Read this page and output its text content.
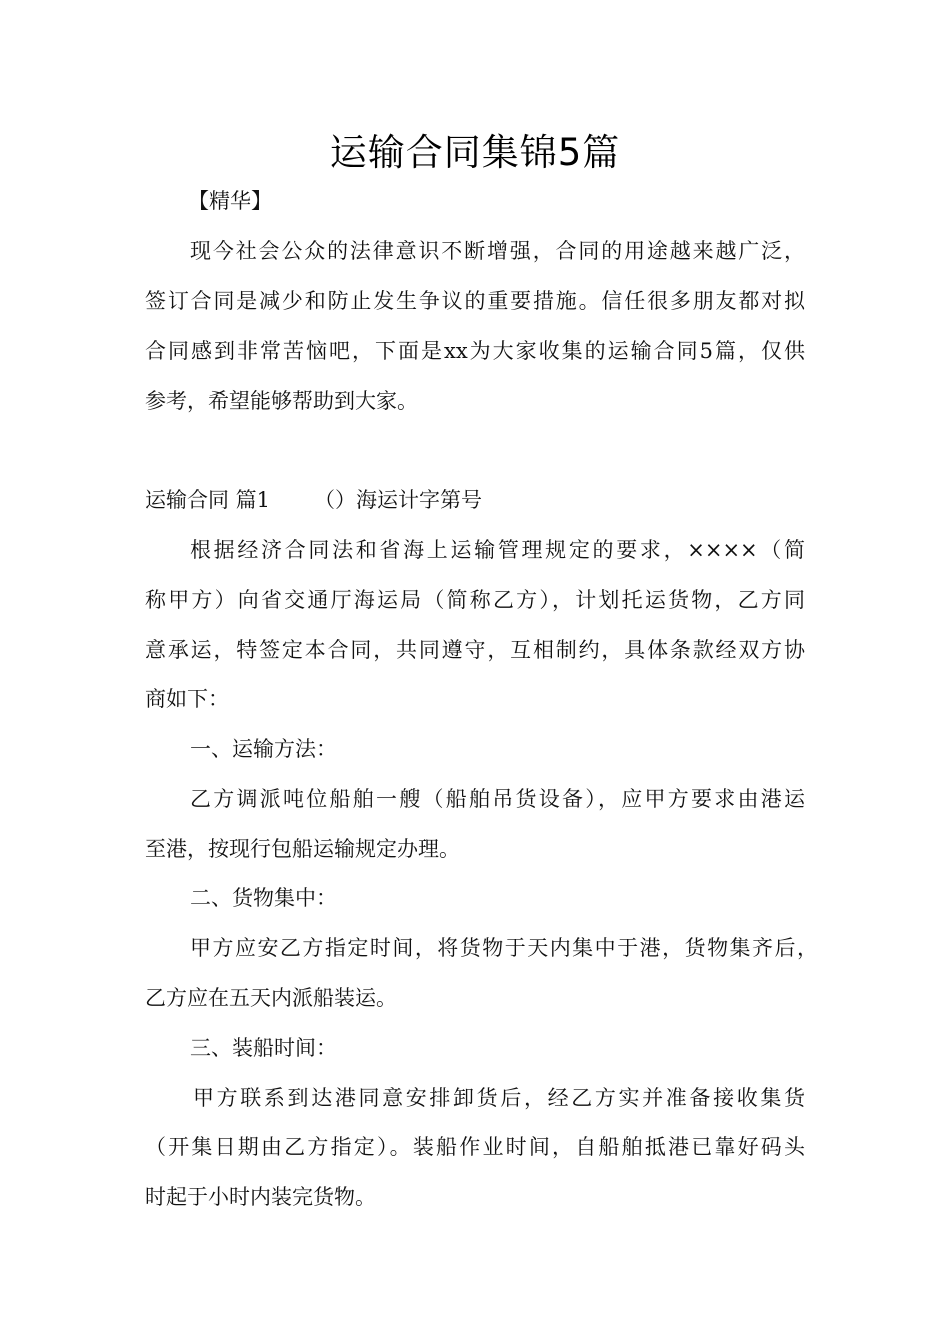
运输合同集锦5篇
【精华】
现今社会公众的法律意识不断增强，合同的用途越来越广泛，
签订合同是减少和防止发生争议的重要措施。信任很多朋友都对拟
合同感到非常苦恼吧，下面是xx为大家收集的运输合同5篇，仅供
参考，希望能够帮助到大家。
运输合同 篇1 （）海运计字第号
根据经济合同法和省海上运输管理规定的要求，××××（简
称甲方）向省交通厅海运局（简称乙方），计划托运货物，乙方同
意承运，特签定本合同，共同遵守，互相制约，具体条款经双方协
商如下：
一、运输方法：
乙方调派吨位船舶一艘（船舶吊货设备），应甲方要求由港运
至港，按现行包船运输规定办理。
二、货物集中：
甲方应安乙方指定时间，将货物于天内集中于港，货物集齐后，
乙方应在五天内派船装运。
三、装船时间：
甲方联系到达港同意安排卸货后，经乙方实并准备接收集货
（开集日期由乙方指定）。装船作业时间，自船舶抵港已靠好码头
时起于小时内装完货物。
